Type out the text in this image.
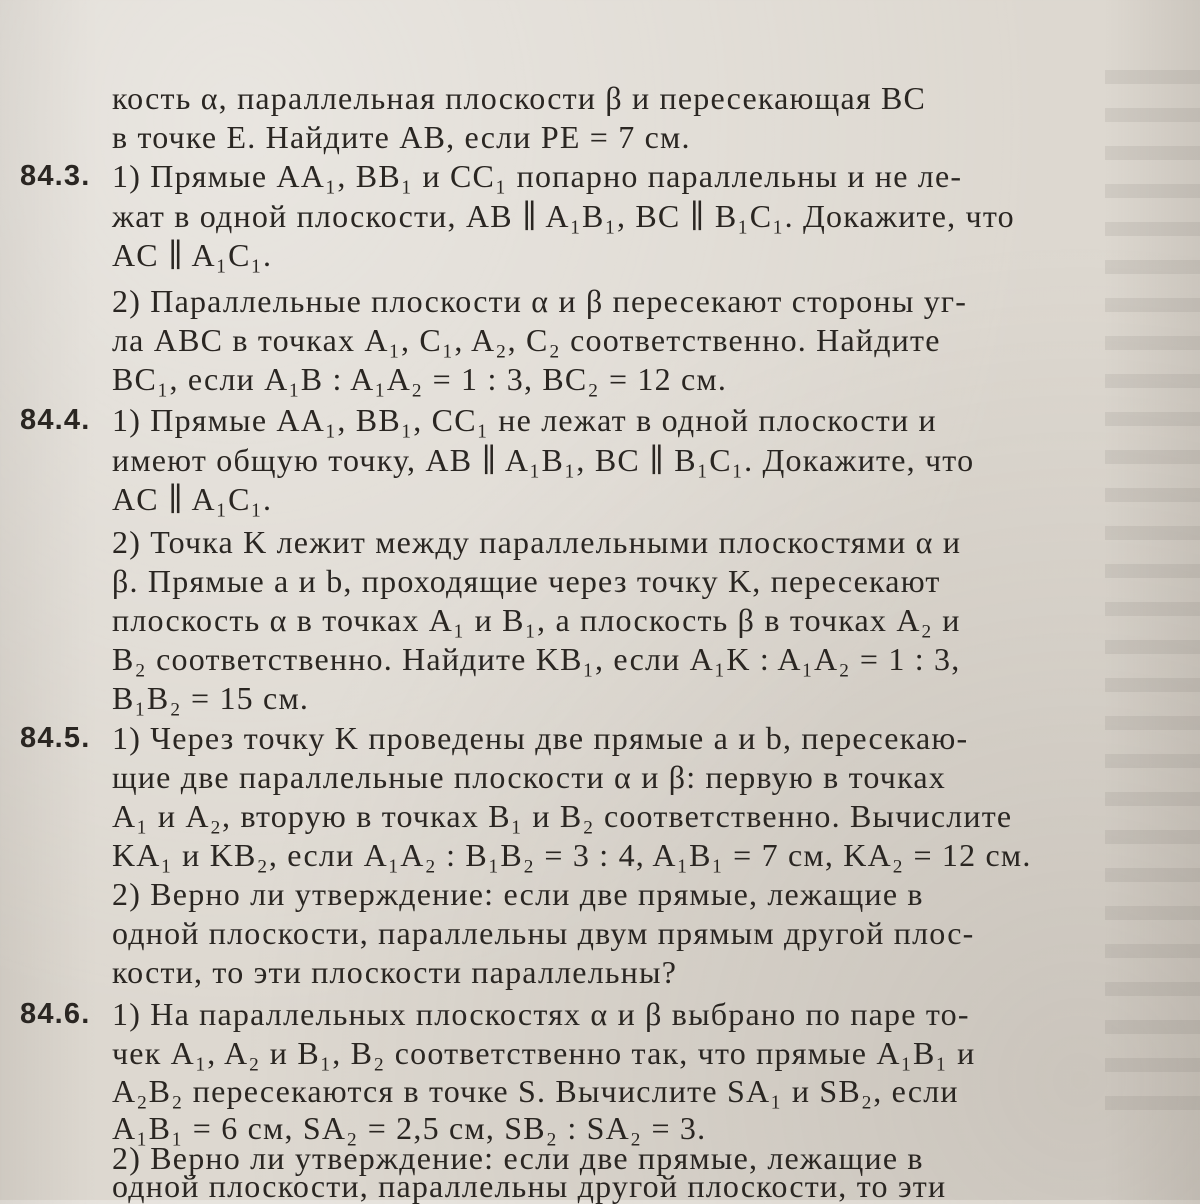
кость α, параллельная плоскости β и пересекающая BC
в точке E. Найдите AB, если PE = 7 см.
84.3. 1) Прямые AA₁, BB₁ и CC₁ попарно параллельны и не ле-
жат в одной плоскости, AB ∥ A₁B₁, BC ∥ B₁C₁. Докажите, что
AC ∥ A₁C₁.
2) Параллельные плоскости α и β пересекают стороны уг-
ла ABC в точках A₁, C₁, A₂, C₂ соответственно. Найдите
BC₁, если A₁B : A₁A₂ = 1 : 3, BC₂ = 12 см.
84.4. 1) Прямые AA₁, BB₁, CC₁ не лежат в одной плоскости и
имеют общую точку, AB ∥ A₁B₁, BC ∥ B₁C₁. Докажите, что
AC ∥ A₁C₁.
2) Точка K лежит между параллельными плоскостями α и
β. Прямые a и b, проходящие через точку K, пересекают
плоскость α в точках A₁ и B₁, а плоскость β в точках A₂ и
B₂ соответственно. Найдите KB₁, если A₁K : A₁A₂ = 1 : 3,
B₁B₂ = 15 см.
84.5. 1) Через точку K проведены две прямые a и b, пересекаю-
щие две параллельные плоскости α и β: первую в точках
A₁ и A₂, вторую в точках B₁ и B₂ соответственно. Вычислите
KA₁ и KB₂, если A₁A₂ : B₁B₂ = 3 : 4, A₁B₁ = 7 см, KA₂ = 12 см.
2) Верно ли утверждение: если две прямые, лежащие в
одной плоскости, параллельны двум прямым другой плос-
кости, то эти плоскости параллельны?
84.6. 1) На параллельных плоскостях α и β выбрано по паре то-
чек A₁, A₂ и B₁, B₂ соответственно так, что прямые A₁B₁ и
A₂B₂ пересекаются в точке S. Вычислите SA₁ и SB₂, если
A₁B₁ = 6 см, SA₂ = 2,5 см, SB₂ : SA₂ = 3.
2) Верно ли утверждение: если две прямые, лежащие в
одной плоскости, параллельны другой плоскости, то эти
